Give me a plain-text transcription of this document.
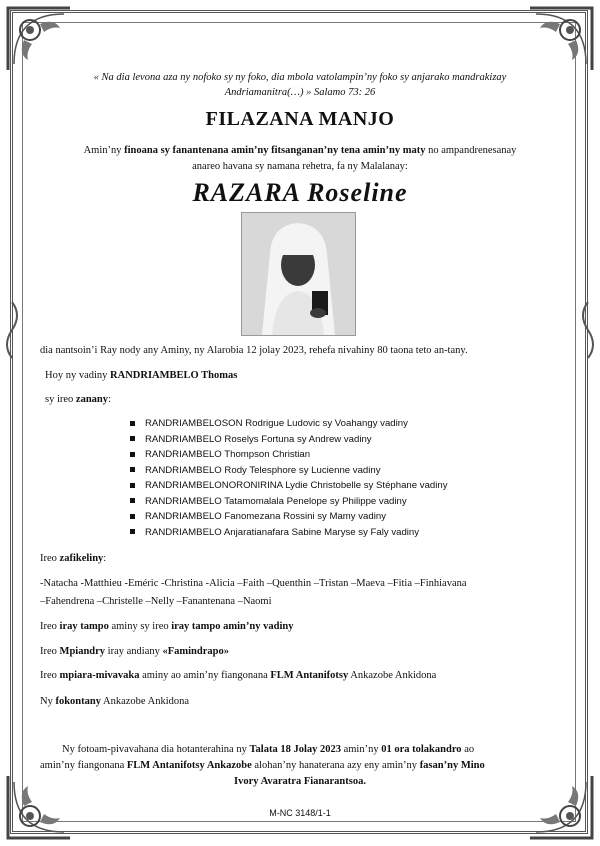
« Na dia levona aza ny nofoko sy ny foko, dia mbola vatolampin’ny foko sy anjarako mandrakizay
Andriamanitra(…) » Salamo 73: 26
FILAZANA MANJO
Amin’ny finoana sy fanantenana amin’ny fitsanganan’ny tena amin’ny maty no ampandrenesanay
anareo havana sy namana rehetra, fa ny Malalanay:
RAZARA Roseline
dia nantsoin’i Ray nody any Aminy, ny Alarobia 12 jolay 2023, rehefa nivahiny 80 taona teto an-tany.
Hoy ny vadiny RANDRIAMBELO Thomas
sy ireo zanany:
RANDRIAMBELOSON Rodrigue Ludovic sy Voahangy vadiny
RANDRIAMBELO Roselys Fortuna sy Andrew vadiny
RANDRIAMBELO Thompson Christian
RANDRIAMBELO Rody Telesphore sy Lucienne vadiny
RANDRIAMBELONORONIRINA Lydie Christobelle sy Stéphane vadiny
RANDRIAMBELO Tatamomalala Penelope sy Philippe vadiny
RANDRIAMBELO Fanomezana Rossini sy Mamy vadiny
RANDRIAMBELO Anjaratianafara Sabine Maryse sy Faly vadiny
Ireo zafikeliny:
-Natacha -Matthieu -Eméric -Christina -Alicia –Faith –Quenthin –Tristan –Maeva –Fitia –Finhiavana
–Fahendrena –Christelle –Nelly –Fanantenana –Naomi
Ireo iray tampo aminy sy ireo iray tampo amin’ny vadiny
Ireo Mpiandry iray andiany «Famindrapo»
Ireo mpiara-mivavaka aminy ao amin’ny fiangonana FLM Antanifotsy Ankazobe Ankidona
Ny fokontany Ankazobe Ankidona
Ny fotoam-pivavahana dia hotanterahina ny Talata 18 Jolay 2023 amin’ny 01 ora tolakandro ao
amin’ny fiangonana FLM Antanifotsy Ankazobe alohan’ny hanaterana azy eny amin’ny fasan’ny Mino
Ivory Avaratra Fianarantsoa.
M-NC 3148/1-1
